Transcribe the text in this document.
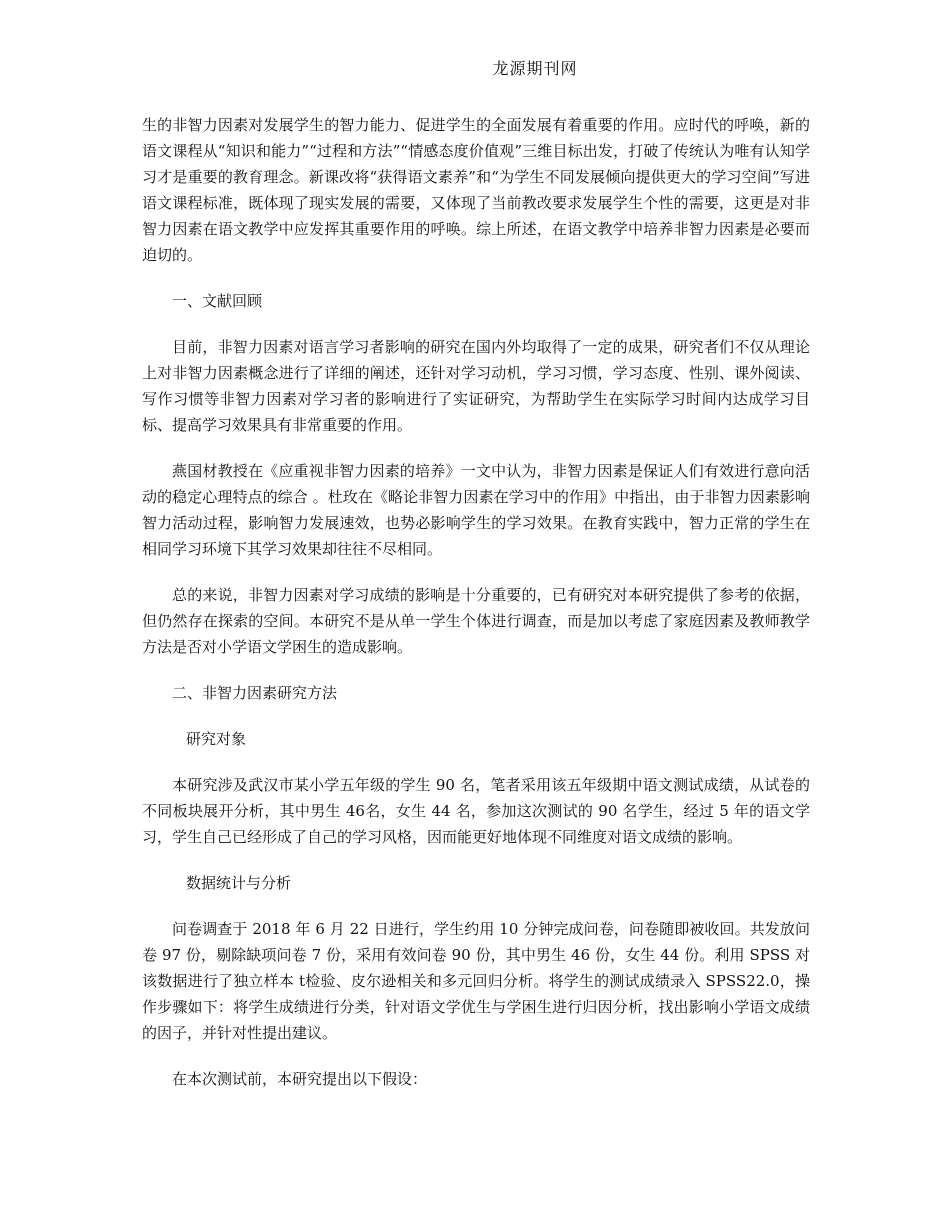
龙源期刊网

生的非智力因素对发展学生的智力能力、促进学生的全面发展有着重要的作用。应时代的呼唤，新的语文课程从“知识和能力”“过程和方法”“情感态度价值观”三维目标出发，打破了传统认为唯有认知学习才是重要的教育理念。新课改将“获得语文素养”和“为学生不同发展倾向提供更大的学习空间”写进语文课程标准，既体现了现实发展的需要，又体现了当前教改要求发展学生个性的需要，这更是对非智力因素在语文教学中应发挥其重要作用的呼唤。综上所述，在语文教学中培养非智力因素是必要而迫切的。

一、文献回顾

目前，非智力因素对语言学习者影响的研究在国内外均取得了一定的成果，研究者们不仅从理论上对非智力因素概念进行了详细的阐述，还针对学习动机，学习习惯，学习态度、性别、课外阅读、写作习惯等非智力因素对学习者的影响进行了实证研究，为帮助学生在实际学习时间内达成学习目标、提高学习效果具有非常重要的作用。

燕国材教授在《应重视非智力因素的培养》一文中认为，非智力因素是保证人们有效进行意向活动的稳定心理特点的综合 。杜玫在《略论非智力因素在学习中的作用》中指出，由于非智力因素影响智力活动过程，影响智力发展速效，也势必影响学生的学习效果。在教育实践中，智力正常的学生在相同学习环境下其学习效果却往往不尽相同。

总的来说，非智力因素对学习成绩的影响是十分重要的，已有研究对本研究提供了参考的依据，但仍然存在探索的空间。本研究不是从单一学生个体进行调查，而是加以考虑了家庭因素及教师教学方法是否对小学语文学困生的造成影响。

二、非智力因素研究方法

研究对象

本研究涉及武汉市某小学五年级的学生 90 名，笔者采用该五年级期中语文测试成绩，从试卷的不同板块展开分析，其中男生 46名，女生 44 名，参加这次测试的 90 名学生，经过 5 年的语文学习，学生自己已经形成了自己的学习风格，因而能更好地体现不同维度对语文成绩的影响。

数据统计与分析

问卷调查于 2018 年 6 月 22 日进行，学生约用 10 分钟完成问卷，问卷随即被收回。共发放问卷 97 份，剔除缺项问卷 7 份，采用有效问卷 90 份，其中男生 46 份，女生 44 份。利用 SPSS 对该数据进行了独立样本 t检验、皮尔逊相关和多元回归分析。将学生的测试成绩录入 SPSS22.0，操作步骤如下：将学生成绩进行分类，针对语文学优生与学困生进行归因分析，找出影响小学语文成绩的因子，并针对性提出建议。

在本次测试前，本研究提出以下假设：
